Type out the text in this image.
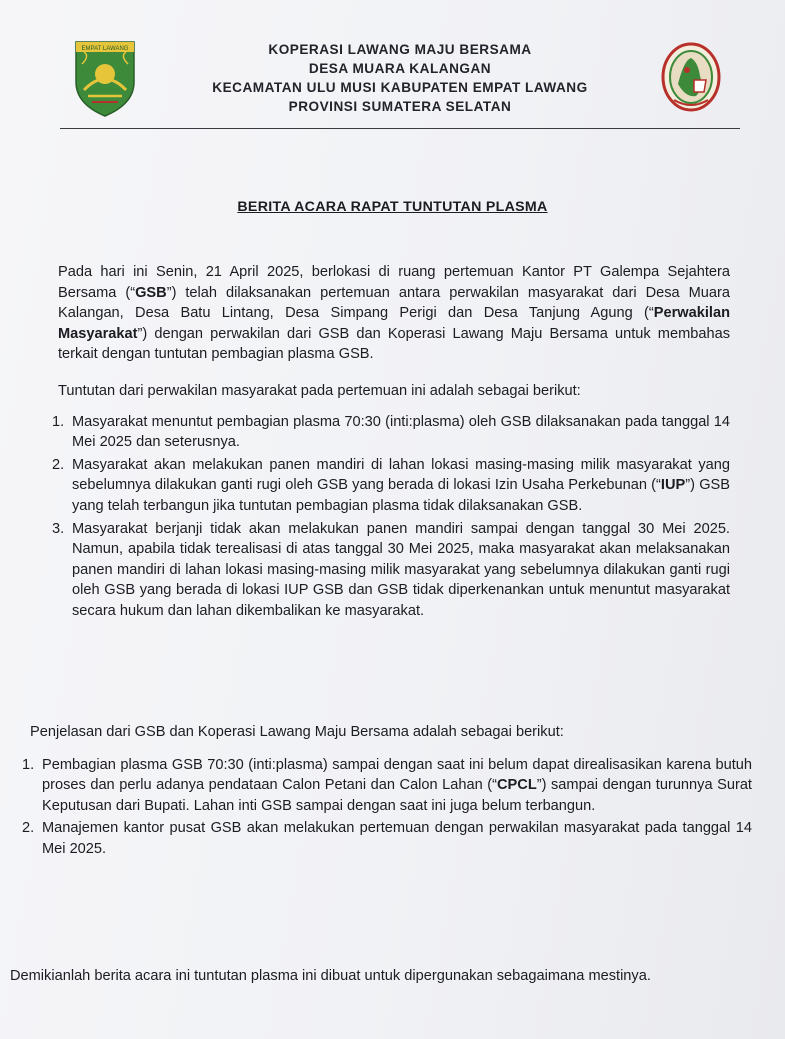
EMPAT LAWANG	KOPERASI LAWANG MAJU BERSAMA
DESA MUARA KALANGAN
KECAMATAN ULU MUSI KABUPATEN EMPAT LAWANG
PROVINSI SUMATERA SELATAN
BERITA ACARA RAPAT TUNTUTAN PLASMA

Pada hari ini Senin, 21 April 2025, berlokasi di ruang pertemuan Kantor PT Galempa Sejahtera Bersama (“GSB”) telah dilaksanakan pertemuan antara perwakilan masyarakat dari Desa Muara Kalangan, Desa Batu Lintang, Desa Simpang Perigi dan Desa Tanjung Agung (“Perwakilan Masyarakat”) dengan perwakilan dari GSB dan Koperasi Lawang Maju Bersama untuk membahas terkait dengan tuntutan pembagian plasma GSB.

Tuntutan dari perwakilan masyarakat pada pertemuan ini adalah sebagai berikut:

1. Masyarakat menuntut pembagian plasma 70:30 (inti:plasma) oleh GSB dilaksanakan pada tanggal 14 Mei 2025 dan seterusnya.
2. Masyarakat akan melakukan panen mandiri di lahan lokasi masing-masing milik masyarakat yang sebelumnya dilakukan ganti rugi oleh GSB yang berada di lokasi Izin Usaha Perkebunan (“IUP”) GSB yang telah terbangun jika tuntutan pembagian plasma tidak dilaksanakan GSB.
3. Masyarakat berjanji tidak akan melakukan panen mandiri sampai dengan tanggal 30 Mei 2025. Namun, apabila tidak terealisasi di atas tanggal 30 Mei 2025, maka masyarakat akan melaksanakan panen mandiri di lahan lokasi masing-masing milik masyarakat yang sebelumnya dilakukan ganti rugi oleh GSB yang berada di lokasi IUP GSB dan GSB tidak diperkenankan untuk menuntut masyarakat secara hukum dan lahan dikembalikan ke masyarakat.

Penjelasan dari GSB dan Koperasi Lawang Maju Bersama adalah sebagai berikut:

1. Pembagian plasma GSB 70:30 (inti:plasma) sampai dengan saat ini belum dapat direalisasikan karena butuh proses dan perlu adanya pendataan Calon Petani dan Calon Lahan (“CPCL”) sampai dengan turunnya Surat Keputusan dari Bupati. Lahan inti GSB sampai dengan saat ini juga belum terbangun.
2. Manajemen kantor pusat GSB akan melakukan pertemuan dengan perwakilan masyarakat pada tanggal 14 Mei 2025.

Demikianlah berita acara ini tuntutan plasma ini dibuat untuk dipergunakan sebagaimana mestinya.
